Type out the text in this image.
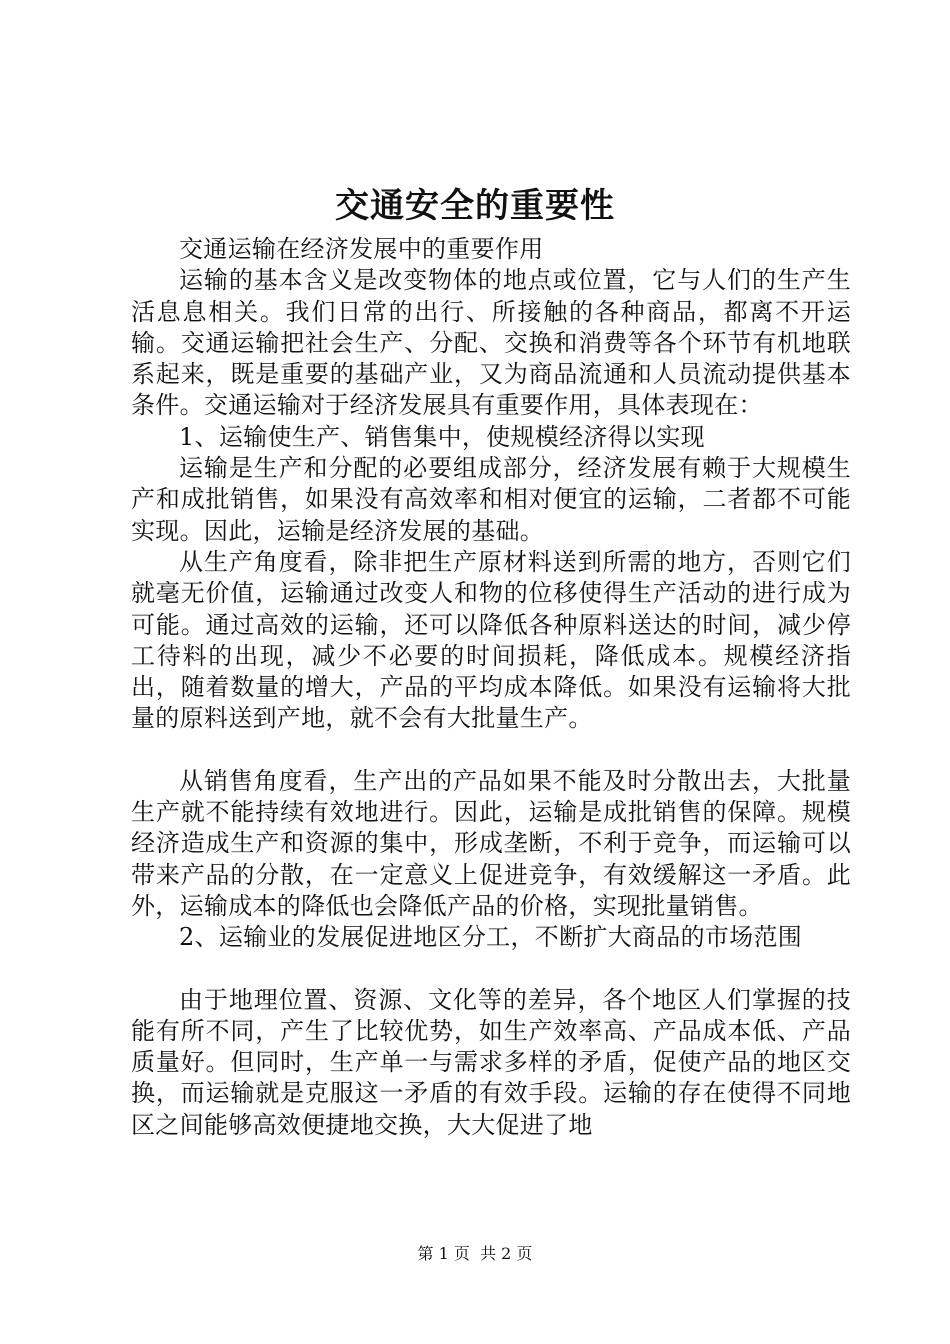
交通安全的重要性

交通运输在经济发展中的重要作用

运输的基本含义是改变物体的地点或位置，它与人们的生产生活息息相关。我们日常的出行、所接触的各种商品，都离不开运输。交通运输把社会生产、分配、交换和消费等各个环节有机地联系起来，既是重要的基础产业，又为商品流通和人员流动提供基本条件。交通运输对于经济发展具有重要作用，具体表现在：

1、运输使生产、销售集中，使规模经济得以实现

运输是生产和分配的必要组成部分，经济发展有赖于大规模生产和成批销售，如果没有高效率和相对便宜的运输，二者都不可能实现。因此，运输是经济发展的基础。

从生产角度看，除非把生产原材料送到所需的地方，否则它们就毫无价值，运输通过改变人和物的位移使得生产活动的进行成为可能。通过高效的运输，还可以降低各种原料送达的时间，减少停工待料的出现，减少不必要的时间损耗，降低成本。规模经济指出，随着数量的增大，产品的平均成本降低。如果没有运输将大批量的原料送到产地，就不会有大批量生产。

从销售角度看，生产出的产品如果不能及时分散出去，大批量生产就不能持续有效地进行。因此，运输是成批销售的保障。规模经济造成生产和资源的集中，形成垄断，不利于竞争，而运输可以带来产品的分散，在一定意义上促进竞争，有效缓解这一矛盾。此外，运输成本的降低也会降低产品的价格，实现批量销售。

2、运输业的发展促进地区分工，不断扩大商品的市场范围

由于地理位置、资源、文化等的差异，各个地区人们掌握的技能有所不同，产生了比较优势，如生产效率高、产品成本低、产品质量好。但同时，生产单一与需求多样的矛盾，促使产品的地区交换，而运输就是克服这一矛盾的有效手段。运输的存在使得不同地区之间能够高效便捷地交换，大大促进了地

第 1 页  共 2 页
